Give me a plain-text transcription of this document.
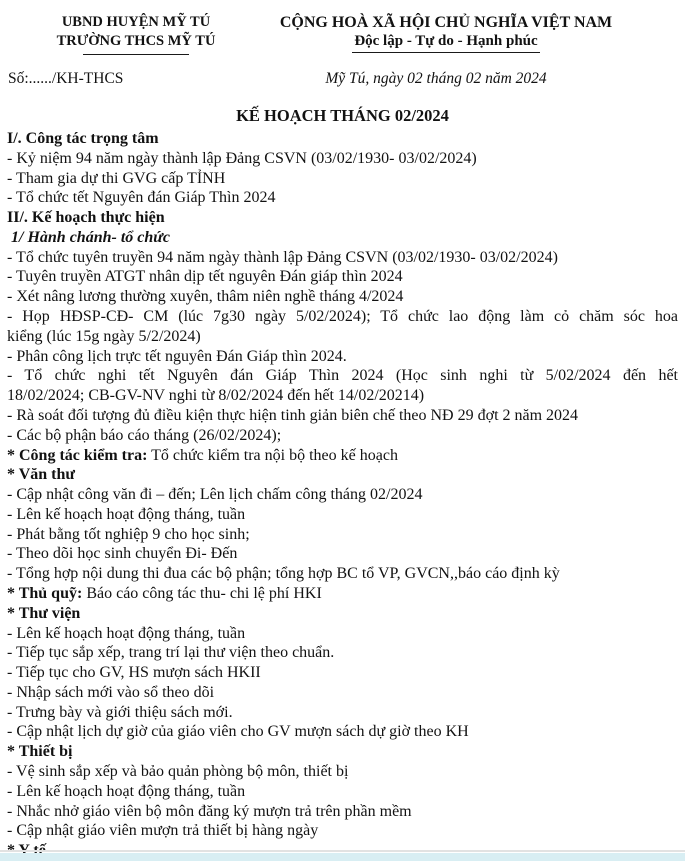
UBND HUYỆN MỸ TÚ
TRƯỜNG THCS MỸ TÚ
CỘNG HOÀ XÃ HỘI CHỦ NGHĨA VIỆT NAM
Độc lập - Tự do - Hạnh phúc
Số:....../KH-THCS	Mỹ Tú, ngày 02 tháng 02 năm 2024
KẾ HOẠCH THÁNG 02/2024

I/. Công tác trọng tâm

- Kỷ niệm 94 năm ngày thành lập Đảng CSVN (03/02/1930- 03/02/2024)

- Tham gia dự thi GVG cấp TỈNH

- Tổ chức tết Nguyên đán Giáp Thìn 2024

II/. Kế hoạch thực hiện

1/ Hành chánh- tổ chức

- Tổ chức tuyên truyền 94 năm ngày thành lập Đảng CSVN (03/02/1930- 03/02/2024)

- Tuyên truyền ATGT nhân dịp tết nguyên Đán giáp thìn 2024

- Xét nâng lương thường xuyên, thâm niên nghề tháng 4/2024

- Họp HĐSP-CĐ- CM (lúc 7g30 ngày 5/02/2024); Tổ chức lao động làm cỏ chăm sóc hoa

kiểng (lúc 15g ngày 5/2/2024)

- Phân công lịch trực tết nguyên Đán Giáp thìn 2024.

- Tổ chức nghi tết Nguyên đán Giáp Thìn 2024 (Học sinh nghi từ 5/02/2024 đến hết

18/02/2024; CB-GV-NV nghi từ 8/02/2024 đến hết 14/02/20214)

- Rà soát đối tượng đủ điều kiện thực hiện tinh giản biên chế theo NĐ 29 đợt 2 năm 2024

- Các bộ phận báo cáo tháng (26/02/2024);

* Công tác kiểm tra: Tổ chức kiểm tra nội bộ theo kế hoạch

* Văn thư

- Cập nhật công văn đi – đến; Lên lịch chấm công tháng 02/2024

- Lên kế hoạch hoạt động tháng, tuần

- Phát bằng tốt nghiệp 9 cho học sinh;

- Theo dõi học sinh chuyển Đi- Đến

- Tổng hợp nội dung thi đua các bộ phận; tổng hợp BC tổ VP, GVCN,,báo cáo định kỳ

* Thủ quỹ: Báo cáo công tác thu- chi lệ phí HKI

* Thư viện

- Lên kế hoạch hoạt động tháng, tuần

- Tiếp tục sắp xếp, trang trí lại thư viện theo chuẩn.

- Tiếp tục cho GV, HS mượn sách HKII

- Nhập sách mới vào sổ theo dõi

- Trưng bày và giới thiệu sách mới.

- Cập nhật lịch dự giờ của giáo viên cho GV mượn sách dự giờ theo KH

* Thiết bị

- Vệ sinh sắp xếp và bảo quản phòng bộ môn, thiết bị

- Lên kế hoạch hoạt động tháng, tuần

- Nhắc nhở giáo viên bộ môn đăng ký mượn trả trên phần mềm

- Cập nhật giáo viên mượn trả thiết bị hàng ngày
